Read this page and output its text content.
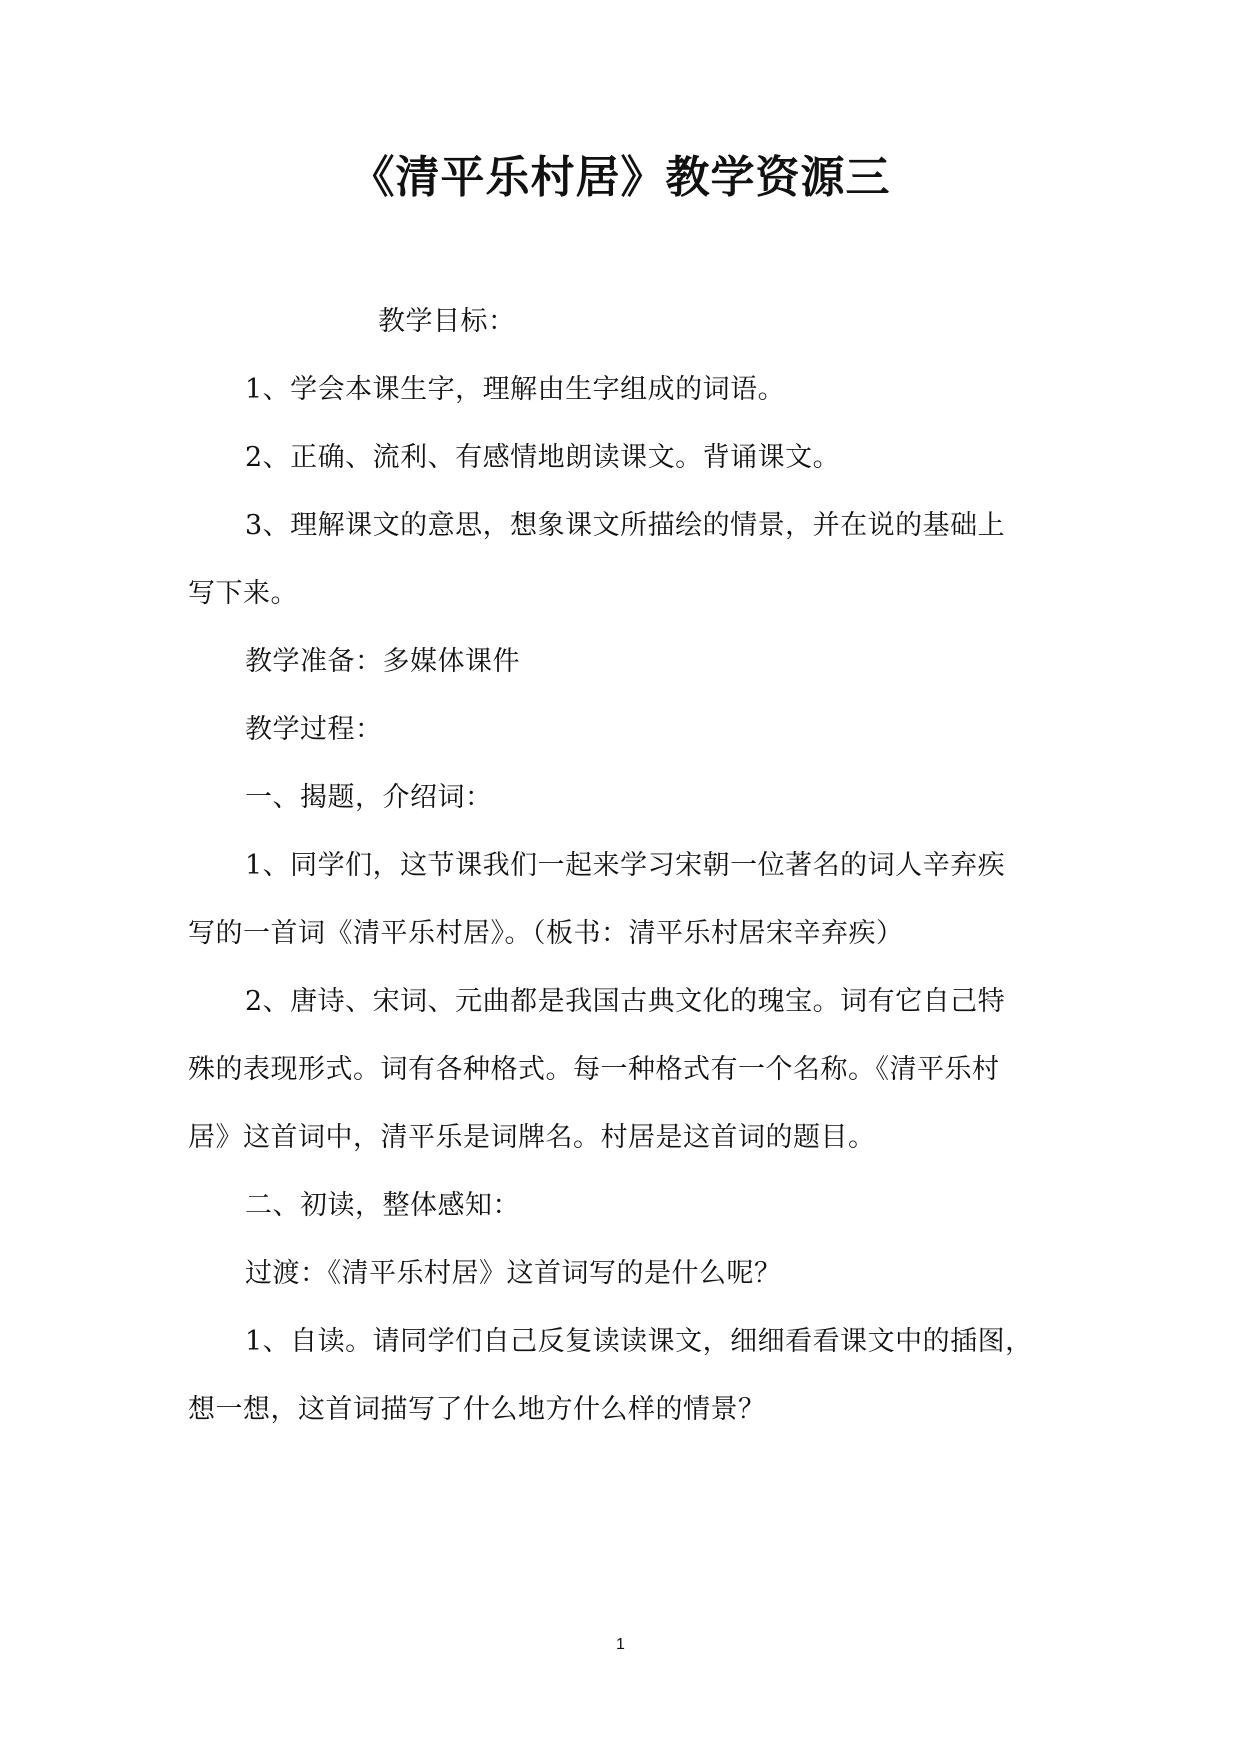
《清平乐村居》教学资源三
教学目标：
1、学会本课生字，理解由生字组成的词语。
2、正确、流利、有感情地朗读课文。背诵课文。
3、理解课文的意思，想象课文所描绘的情景，并在说的基础上
写下来。
教学准备：多媒体课件
教学过程：
一、揭题，介绍词：
1、同学们，这节课我们一起来学习宋朝一位著名的词人辛弃疾
写的一首词《清平乐村居》。（板书：清平乐村居宋辛弃疾）
2、唐诗、宋词、元曲都是我国古典文化的瑰宝。词有它自己特
殊的表现形式。词有各种格式。每一种格式有一个名称。《清平乐村
居》这首词中，清平乐是词牌名。村居是这首词的题目。
二、初读，整体感知：
过渡：《清平乐村居》这首词写的是什么呢？
1、自读。请同学们自己反复读读课文，细细看看课文中的插图，
想一想，这首词描写了什么地方什么样的情景？
1
